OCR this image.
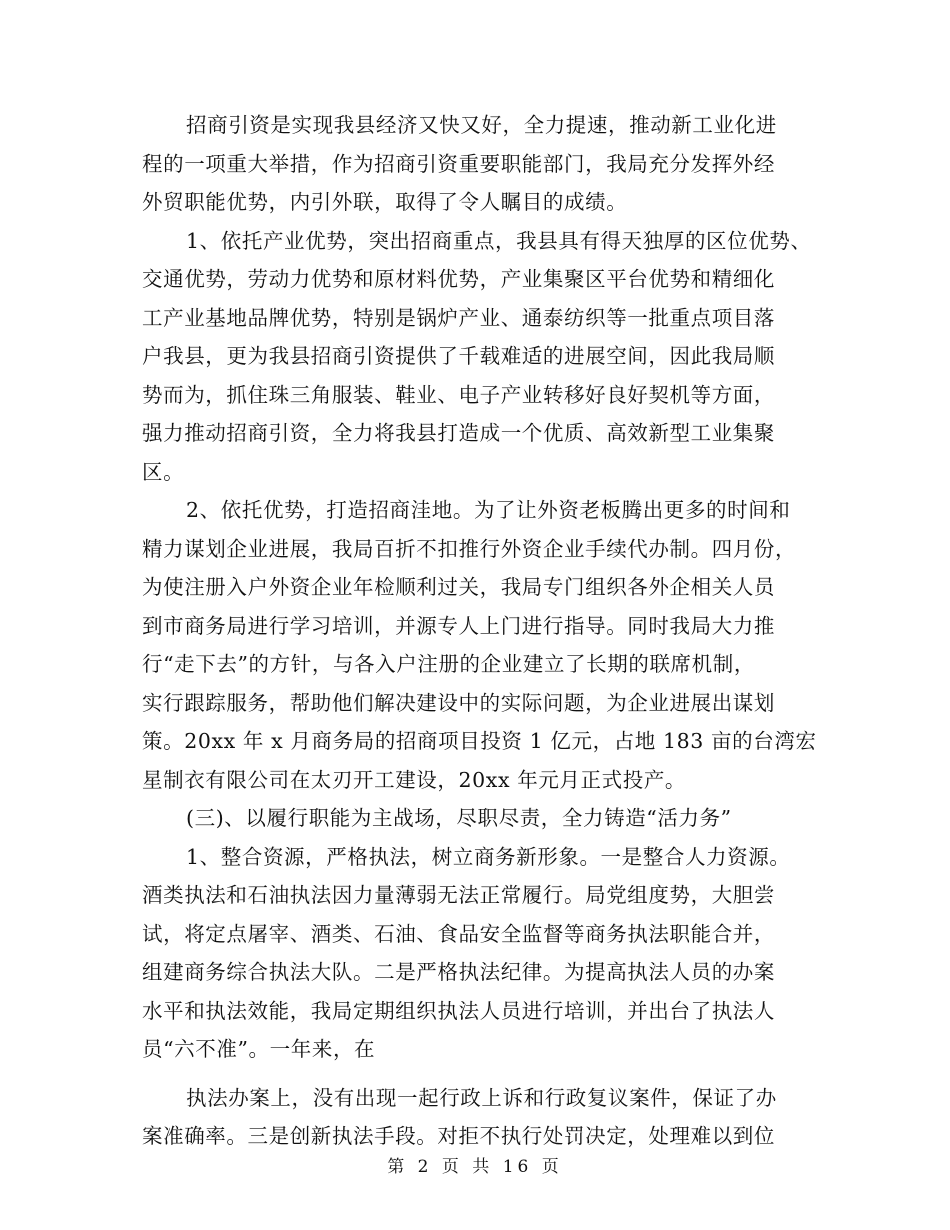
招商引资是实现我县经济又快又好，全力提速，推动新工业化进
程的一项重大举措，作为招商引资重要职能部门，我局充分发挥外经
外贸职能优势，内引外联，取得了令人瞩目的成绩。
1、依托产业优势，突出招商重点，我县具有得天独厚的区位优势、
交通优势，劳动力优势和原材料优势，产业集聚区平台优势和精细化
工产业基地品牌优势，特别是锅炉产业、通泰纺织等一批重点项目落
户我县，更为我县招商引资提供了千载难适的进展空间，因此我局顺
势而为，抓住珠三角服装、鞋业、电子产业转移好良好契机等方面，
强力推动招商引资，全力将我县打造成一个优质、高效新型工业集聚
区。
2、依托优势，打造招商洼地。为了让外资老板腾出更多的时间和
精力谋划企业进展，我局百折不扣推行外资企业手续代办制。四月份，
为使注册入户外资企业年检顺利过关，我局专门组织各外企相关人员
到市商务局进行学习培训，并源专人上门进行指导。同时我局大力推
行“走下去”的方针，与各入户注册的企业建立了长期的联席机制，
实行跟踪服务，帮助他们解决建设中的实际问题，为企业进展出谋划
策。20xx 年 x 月商务局的招商项目投资 1 亿元，占地 183 亩的台湾宏
星制衣有限公司在太刃开工建设，20xx 年元月正式投产。
(三)、以履行职能为主战场，尽职尽责，全力铸造“活力务”
1、整合资源，严格执法，树立商务新形象。一是整合人力资源。
酒类执法和石油执法因力量薄弱无法正常履行。局党组度势，大胆尝
试，将定点屠宰、酒类、石油、食品安全监督等商务执法职能合并，
组建商务综合执法大队。二是严格执法纪律。为提高执法人员的办案
水平和执法效能，我局定期组织执法人员进行培训，并出台了执法人
员“六不准”。一年来，在
执法办案上，没有出现一起行政上诉和行政复议案件，保证了办
案准确率。三是创新执法手段。对拒不执行处罚决定，处理难以到位
第 2 页 共 16 页
